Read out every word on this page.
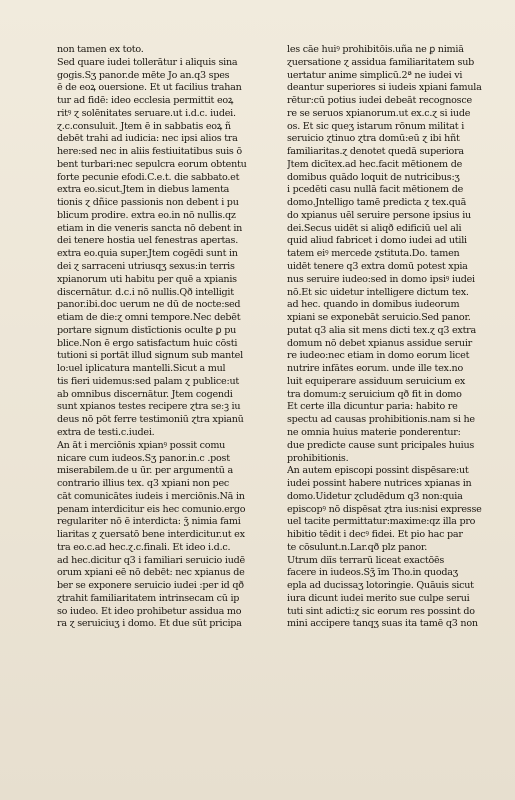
non tamen ex toto.
Sed quare iudei tollerātur i aliquis sina
gogis.Sʒ panor.de mēte Jo an.q3 spes
ē de eoꝝ ouersione. Et ut facilius trahan
tur ad fidē: ideo ecclesia permittit eoꝝ
ritꝰ ɀ solēnitates seruare.ut i.d.c. iudei.
ɀ.c.consuluit. Jtem ē in sabbatis eoꝝ ñ
debēt trahi ad iudicia: nec ipsi alios tra
here:sed nec in aliis festiuitatibus suis ō
bent turbari:nec sepulcra eorum obtentu
forte pecunie efodi.C.e.t. die sabbato.et
extra eo.sicut.Jtem in diebus lamenta
tionis ɀ dñice passionis non debent i pu
blicum prodire. extra eo.in nō nullis.qz
etiam in die veneris sancta nō debent in
dei tenere hostia uel fenestras apertas.
extra eo.quia super.Jtem cogēdi sunt in
dei ɀ sarraceni utriusqʒ sexus:in terris
xpianorum uti habitu per quē a xpianis
discernātur. d.c.i nō nullis.Qð intelligit
panor.ibi.doc uerum ne dū de nocte:sed
etiam de die:ɀ omni tempore.Nec debēt
portare signum distīctionis oculte ꝑ pu
blice.Non ē ergo satisfactum huic cōsti
tutioni si portāt illud signum sub mantel
lo:uel iplicatura mantelli.Sicut a mul
tis fieri uidemus:sed palam ɀ publice:ut
ab omnibus discernātur. Jtem cogendi
sunt xpianos testes recipere ɀtra seːꝫ iu
deus nō pōt ferre testimoniū ɀtra xpianū
extra de testi.c.iudei.
An āt i merciōnis xpianꝰ possit comu
nicare cum iudeos.Sʒ panor.in.c .post
miserabilem.de u ūr. per argumentū a
contrario illius tex. q3 xpiani non pec
cāt comunicātes iudeis i merciōnis.Nā in
penam interdicitur eis hec comunio.ergo
regulariter nō ē interdicta: ʒ̄ nimia fami
liaritas ɀ ɀuersatō bene interdicitur.ut ex
tra eo.c.ad hec.ɀ.c.finali. Et ideo i.d.c.
ad hec.dicitur q3 i familiari seruicio iudē
orum xpiani eē nō debēt: nec xpianus de
ber se exponere seruicio iudei :per id qð
ɀtrahit familiaritatem intrinsecam cū ip
so iudeo. Et ideo prohibetur assidua mo
ra ɀ seruiciuʒ i domo. Et due sūt pricipa
les cāe huiꝰ prohibitōis.uña ne ꝑ nimiā
ɀuersatione ɀ assidua familiaritatem sub
uertatur anime simplicū.2ª ne iudei vi
deantur superiores si iudeis xpiani famula
rētur:cū potius iudei debeāt recognosce
re se seruos xpianorum.ut ex.c.ɀ si iude
os. Et sic queʒ istarum rōnum militat i
seruicio ɀtinuo ɀtra domū:eū ɀ ibi hñt
familiaritas.ɀ denotet quedā superiora
Jtem dicītex.ad hec.facit mētionem de
domibus quādo loquit de nutricibus:ʒ
i pcedēti casu nullā facit mētionem de
domo.Jntelligo tamē predicta ɀ tex.quā
do xpianus uēl seruire persone ipsius iu
dei.Secus uidēt si aliqð edificiū uel ali
quid aliud fabricet i domo iudei ad utili
tatem eiꝰ mercede ɀstituta.Do. tamen
uidēt tenere q3 extra domū potest xpia
nus seruire iudeo:sed in domo ipsiꝰ iudei
nō.Et sic uidetur intelligere dictum tex.
ad hec. quando in domibus iudeorum
xpiani se exponebāt seruicio.Sed panor.
putat q3 alia sit mens dicti tex.ɀ q3 extra
domum nō debet xpianus assidue seruir
re iudeo:nec etiam in domo eorum licet
nutrire infātes eorum. unde ille tex.no
luit equiperare assiduum seruicium ex
tra domum:ɀ seruicium qð fit in domo
Et certe illa dicuntur paria: habito re
spectu ad causas prohibitionis.nam si he
ne omnia huius materie ponderentur:
due predicte cause sunt pricipales huius
prohibitionis.
An autem episcopi possint dispēsare:ut
iudei possint habere nutrices xpianas in
domo.Uidetur ɀcludēdum q3 non:quia
episcopꝰ nō dispēsat ɀtra ius:nisi expresse
uel tacite permittatur:maxime:qz illa pro
hibitio tēdit i decꝰ fidei. Et pio hac par
te cōsulunt.n.Lar.qð plz panor.
Utrum diīs terrarū liceat exactōēs
facere in iudeos.Sʒ̄ īm Tho.in quodaʒ
epla ad ducissaʒ lotoringie. Quāuis sicut
iura dicunt iudei merito sue culpe serui
tuti sint adicti:ɀ sic eorum res possint do
mini accipere tanqʒ suas ita tamē q3 non
